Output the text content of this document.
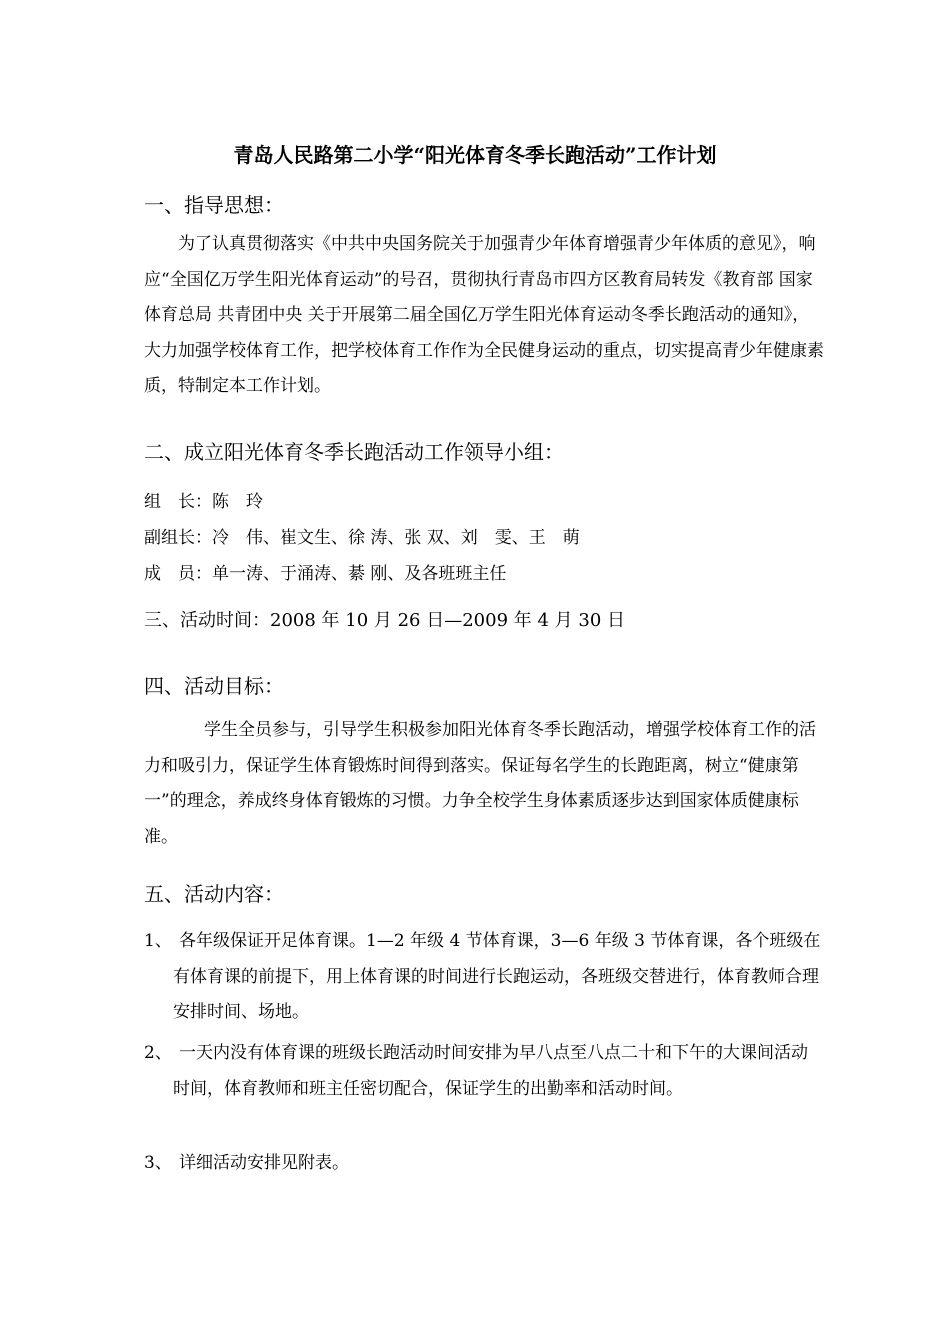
青岛人民路第二小学“阳光体育冬季长跑活动”工作计划
一、指导思想：

为了认真贯彻落实《中共中央国务院关于加强青少年体育增强青少年体质的意见》，响应“全国亿万学生阳光体育运动”的号召，贯彻执行青岛市四方区教育局转发《教育部 国家体育总局 共青团中央 关于开展第二届全国亿万学生阳光体育运动冬季长跑活动的通知》，大力加强学校体育工作，把学校体育工作作为全民健身运动的重点，切实提高青少年健康素质，特制定本工作计划。

二、成立阳光体育冬季长跑活动工作领导小组：
组　长：陈　玲
副组长：冷　伟、崔文生、徐 涛、张 双、刘　雯、王　萌
成　员：单一涛、于涌涛、綦 刚、及各班班主任
三、活动时间：2008 年 10 月 26 日—2009 年 4 月 30 日
四、活动目标：

学生全员参与，引导学生积极参加阳光体育冬季长跑活动，增强学校体育工作的活力和吸引力，保证学生体育锻炼时间得到落实。保证每名学生的长跑距离，树立“健康第一”的理念，养成终身体育锻炼的习惯。力争全校学生身体素质逐步达到国家体质健康标准。

五、活动内容：
1、 各年级保证开足体育课。1—2 年级 4 节体育课，3—6 年级 3 节体育课，各个班级在有体育课的前提下，用上体育课的时间进行长跑运动，各班级交替进行，体育教师合理安排时间、场地。
2、 一天内没有体育课的班级长跑活动时间安排为早八点至八点二十和下午的大课间活动时间，体育教师和班主任密切配合，保证学生的出勤率和活动时间。
3、 详细活动安排见附表。
